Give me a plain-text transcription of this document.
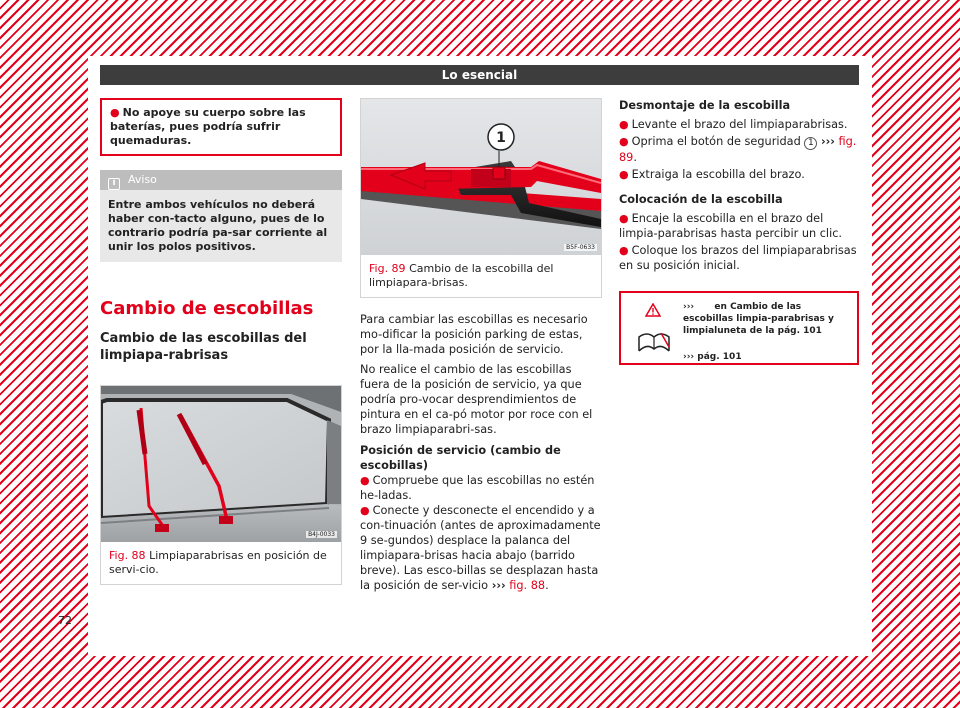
Lo esencial
● No apoye su cuerpo sobre las baterías, pues podría sufrir quemaduras.
i Aviso
Entre ambos vehículos no deberá haber con-tacto alguno, pues de lo contrario podría pa-sar corriente al unir los polos positivos.
Cambio de escobillas
Cambio de las escobillas del limpiapa-rabrisas
B4J-0033
Fig. 88 Limpiaparabrisas en posición de servi-cio.
1
B5F-0633
Fig. 89 Cambio de la escobilla del limpiapara-brisas.

Para cambiar las escobillas es necesario mo-dificar la posición parking de estas, por la lla-mada posición de servicio.

No realice el cambio de las escobillas fuera de la posición de servicio, ya que podría pro-vocar desprendimientos de pintura en el ca-pó motor por roce con el brazo limpiaparabri-sas.

Posición de servicio (cambio de escobillas)
● Compruebe que las escobillas no estén he-ladas.
● Conecte y desconecte el encendido y a con-tinuación (antes de aproximadamente 9 se-gundos) desplace la palanca del limpiapara-brisas hacia abajo (barrido breve). Las esco-billas se desplazan hasta la posición de ser-vicio ››› fig. 88.
Desmontaje de la escobilla
● Levante el brazo del limpiaparabrisas.
● Oprima el botón de seguridad 1 ››› fig. 89.
● Extraiga la escobilla del brazo.
Colocación de la escobilla
● Encaje la escobilla en el brazo del limpia-parabrisas hasta percibir un clic.
● Coloque los brazos del limpiaparabrisas en su posición inicial.
››› en Cambio de las escobillas limpia-parabrisas y limpialuneta de la pág. 101
››› pág. 101
72
